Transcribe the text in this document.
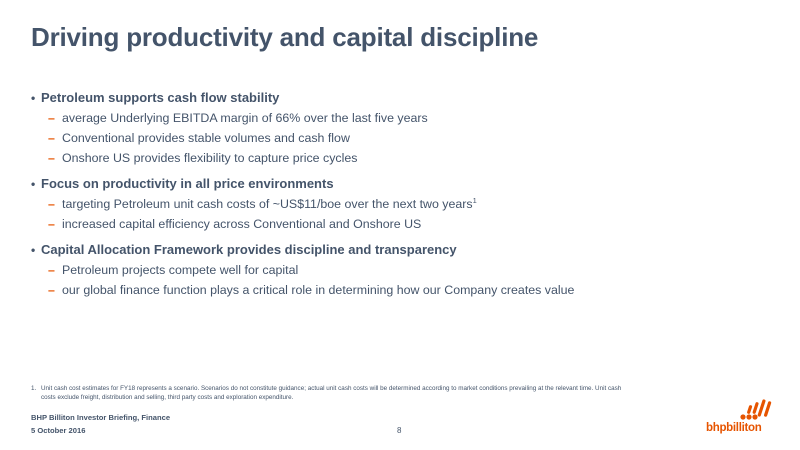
Driving productivity and capital discipline
• Petroleum supports cash flow stability
– average Underlying EBITDA margin of 66% over the last five years
– Conventional provides stable volumes and cash flow
– Onshore US provides flexibility to capture price cycles
• Focus on productivity in all price environments
– targeting Petroleum unit cash costs of ~US$11/boe over the next two years$^1$
– increased capital efficiency across Conventional and Onshore US
• Capital Allocation Framework provides discipline and transparency
– Petroleum projects compete well for capital
– our global finance function plays a critical role in determining how our Company creates value
1. Unit cash cost estimates for FY18 represents a scenario. Scenarios do not constitute guidance; actual unit cash costs will be determined according to market conditions prevailing at the relevant time. Unit cash costs exclude freight, distribution and selling, third party costs and exploration expenditure.
BHP Billiton Investor Briefing, Finance
5 October 2016	8	bhpbilliton
